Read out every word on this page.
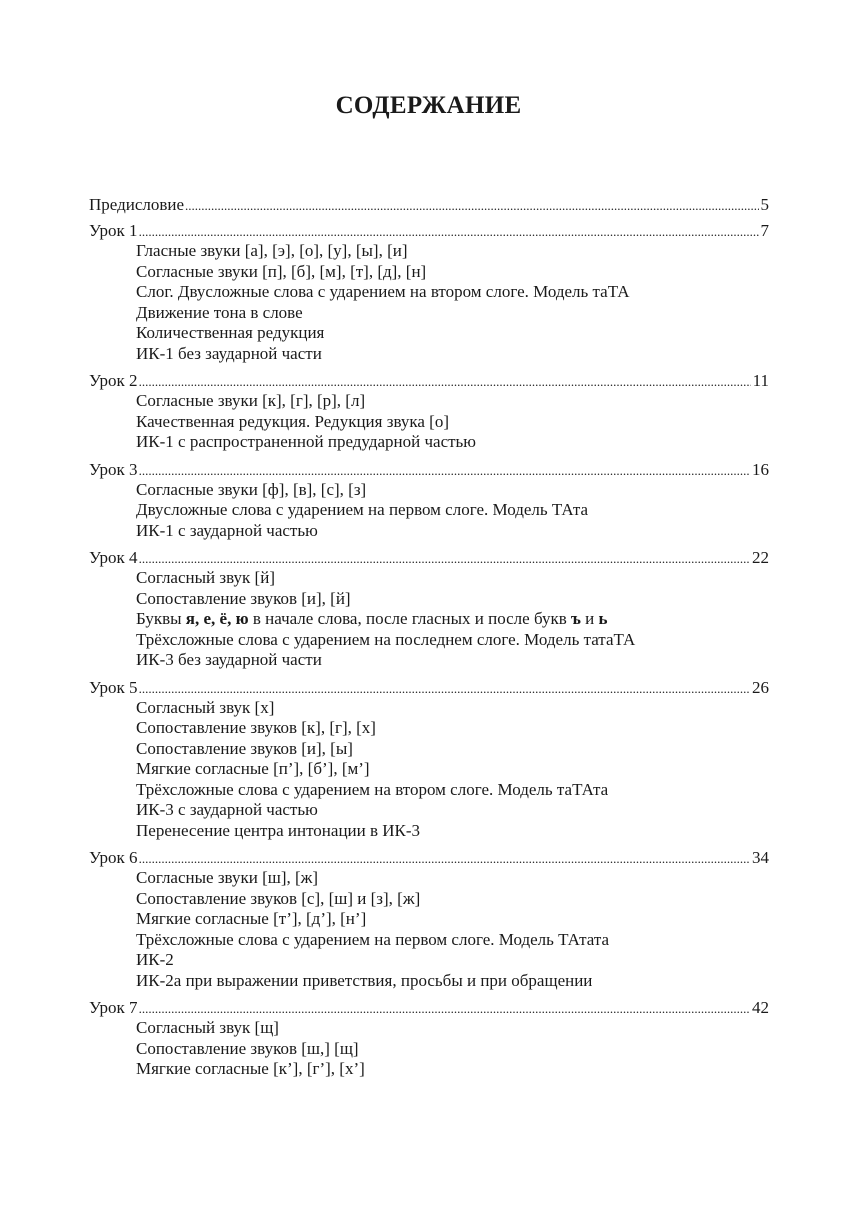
СОДЕРЖАНИЕ
Предисловие .....	5
Урок 1 .....	7
Гласные звуки [а], [э], [о], [у], [ы], [и]
Согласные звуки [п], [б], [м], [т], [д], [н]
Слог. Двусложные слова с ударением на втором слоге. Модель таТА
Движение тона в слове
Количественная редукция
ИК-1 без заударной части
Урок 2 .....	11
Согласные звуки [к], [г], [р], [л]
Качественная редукция. Редукция звука [о]
ИК-1 с распространенной предударной частью
Урок 3 .....	16
Согласные звуки [ф], [в], [с], [з]
Двусложные слова с ударением на первом слоге. Модель ТАта
ИК-1 с заударной частью
Урок 4 .....	22
Согласный звук [й]
Сопоставление звуков [и], [й]
Буквы я, е, ё, ю в начале слова, после гласных и после букв ъ и ь
Трёхсложные слова с ударением на последнем слоге. Модель татаТА
ИК-3 без заударной части
Урок 5 .....	26
Согласный звук [х]
Сопоставление звуков [к], [г], [х]
Сопоставление звуков [и], [ы]
Мягкие согласные [п’], [б’], [м’]
Трёхсложные слова с ударением на втором слоге. Модель таТАта
ИК-3 с заударной частью
Перенесение центра интонации в ИК-3
Урок 6 .....	34
Согласные звуки [ш], [ж]
Сопоставление звуков [с], [ш] и [з], [ж]
Мягкие согласные [т’], [д’], [н’]
Трёхсложные слова с ударением на первом слоге. Модель ТАтата
ИК-2
ИК-2а при выражении приветствия, просьбы и при обращении
Урок 7 .....	42
Согласный звук [щ]
Сопоставление звуков [ш,] [щ]
Мягкие согласные [к’], [г’], [х’]
